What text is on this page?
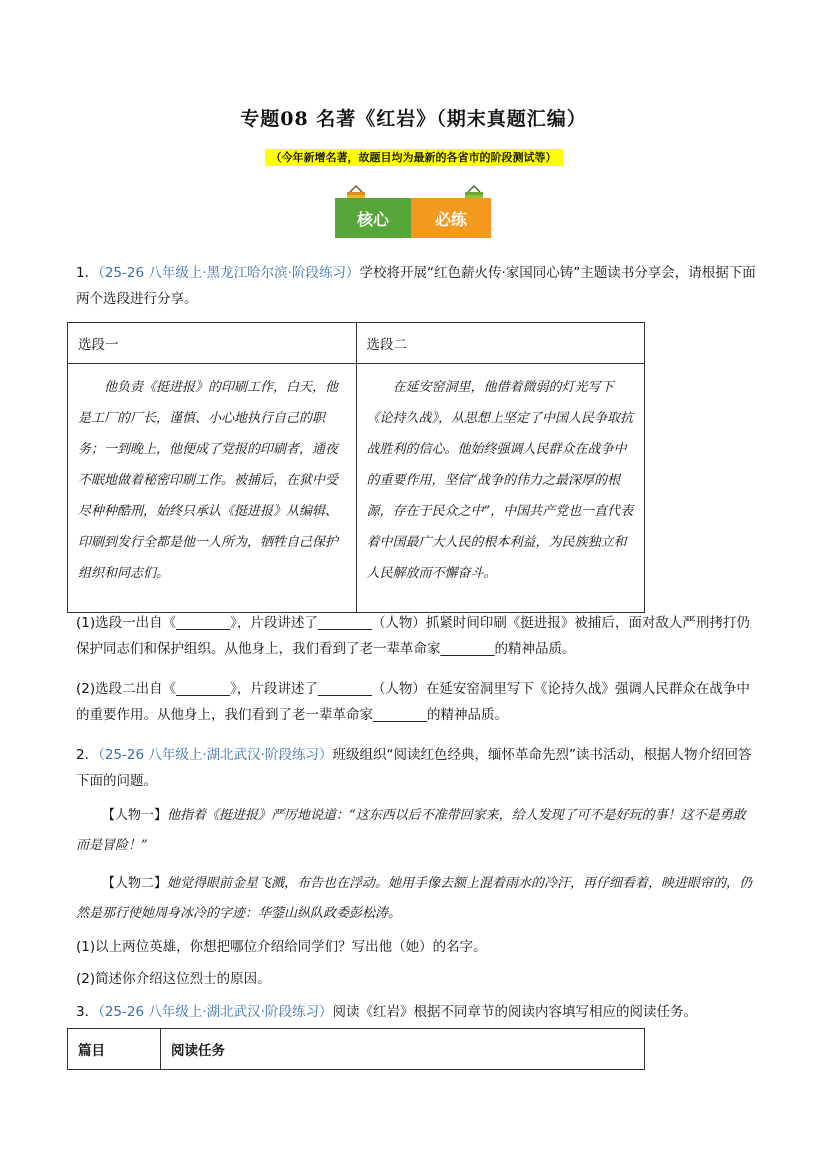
专题08 名著《红岩》（期末真题汇编）
（今年新增名著，故题目均为最新的各省市的阶段测试等）
核心	必练
1．（25-26 八年级上·黑龙江哈尔滨·阶段练习）学校将开展“红色薪火传·家国同心铸”主题读书分享会，请根据下面两个选段进行分享。
选段一	选段二
他负责《挺进报》的印刷工作，白天，他是工厂的厂长，谨慎、小心地执行自己的职务；一到晚上，他便成了党报的印刷者，通夜不眠地做着秘密印刷工作。被捕后，在狱中受尽种种酷刑，始终只承认《挺进报》从编辑、印刷到发行全都是他一人所为，牺牲自己保护组织和同志们。	在延安窑洞里，他借着微弱的灯光写下《论持久战》，从思想上坚定了中国人民争取抗战胜利的信心。他始终强调人民群众在战争中的重要作用，坚信“战争的伟力之最深厚的根源，存在于民众之中”，中国共产党也一直代表着中国最广大人民的根本利益，为民族独立和人民解放而不懈奋斗。
(1)选段一出自《________》，片段讲述了________（人物）抓紧时间印刷《挺进报》被捕后，面对敌人严刑拷打仍保护同志们和保护组织。从他身上，我们看到了老一辈革命家________的精神品质。
(2)选段二出自《________》，片段讲述了________（人物）在延安窑洞里写下《论持久战》强调人民群众在战争中的重要作用。从他身上，我们看到了老一辈革命家________的精神品质。
2．（25-26 八年级上·湖北武汉·阶段练习）班级组织“阅读红色经典，缅怀革命先烈”读书活动，根据人物介绍回答下面的问题。
【人物一】他指着《挺进报》严厉地说道：“这东西以后不准带回家来，给人发现了可不是好玩的事！这不是勇敢而是冒险！”
【人物二】她觉得眼前金星飞溅，布告也在浮动。她用手像去额上混着雨水的冷汗，再仔细看着，映进眼帘的，仍然是那行使她周身冰冷的字迹：华蓥山纵队政委彭松涛。
(1)以上两位英雄，你想把哪位介绍给同学们？写出他（她）的名字。
(2)简述你介绍这位烈士的原因。
3．（25-26 八年级上·湖北武汉·阶段练习）阅读《红岩》根据不同章节的阅读内容填写相应的阅读任务。
篇目	阅读任务
